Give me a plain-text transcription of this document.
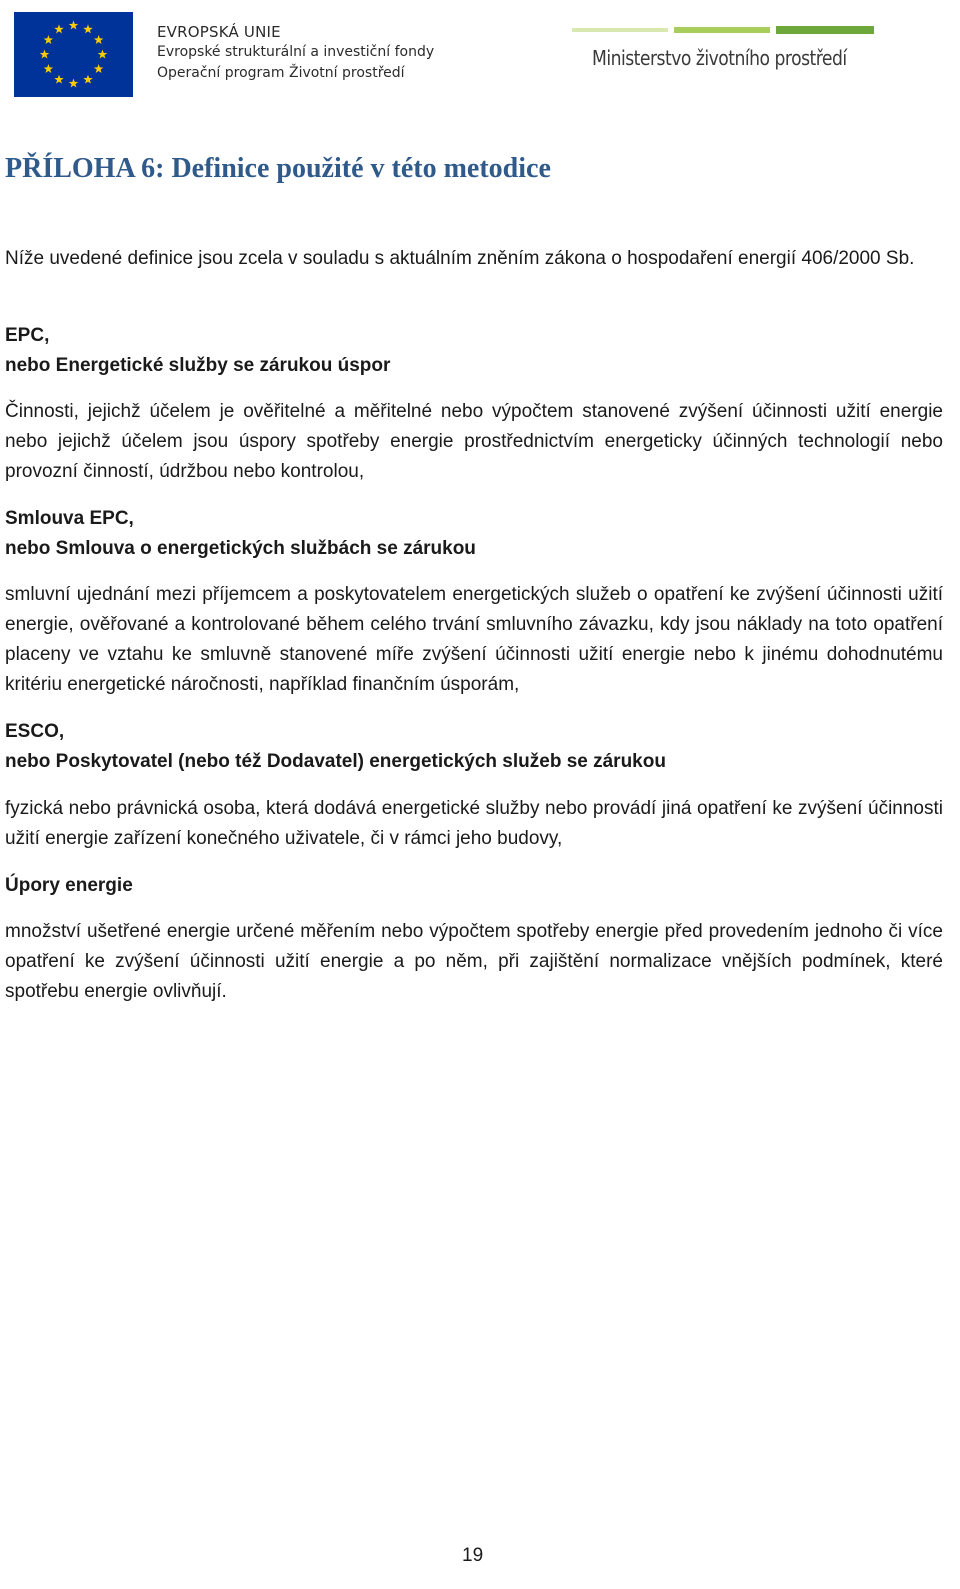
EVROPSKÁ UNIE
Evropské strukturální a investiční fondy
Operační program Životní prostředí
Ministerstvo životního prostředí
PŘÍLOHA 6: Definice použité v této metodice

Níže uvedené definice jsou zcela v souladu s aktuálním zněním zákona o hospodaření energií 406/2000 Sb.

EPC,
nebo Energetické služby se zárukou úspor

Činnosti, jejichž účelem je ověřitelné a měřitelné nebo výpočtem stanovené zvýšení účinnosti užití energie nebo jejichž účelem jsou úspory spotřeby energie prostřednictvím energeticky účinných technologií nebo provozní činností, údržbou nebo kontrolou,

Smlouva EPC,
nebo Smlouva o energetických službách se zárukou

smluvní ujednání mezi příjemcem a poskytovatelem energetických služeb o opatření ke zvýšení účinnosti užití energie, ověřované a kontrolované během celého trvání smluvního závazku, kdy jsou náklady na toto opatření placeny ve vztahu ke smluvně stanovené míře zvýšení účinnosti užití energie nebo k jinému dohodnutému kritériu energetické náročnosti, například finančním úsporám,

ESCO,
nebo Poskytovatel (nebo též Dodavatel) energetických služeb se zárukou

fyzická nebo právnická osoba, která dodává energetické služby nebo provádí jiná opatření ke zvýšení účinnosti užití energie zařízení konečného uživatele, či v rámci jeho budovy,

Úpory energie

množství ušetřené energie určené měřením nebo výpočtem spotřeby energie před provedením jednoho či více opatření ke zvýšení účinnosti užití energie a po něm, při zajištění normalizace vnějších podmínek, které spotřebu energie ovlivňují.

19
